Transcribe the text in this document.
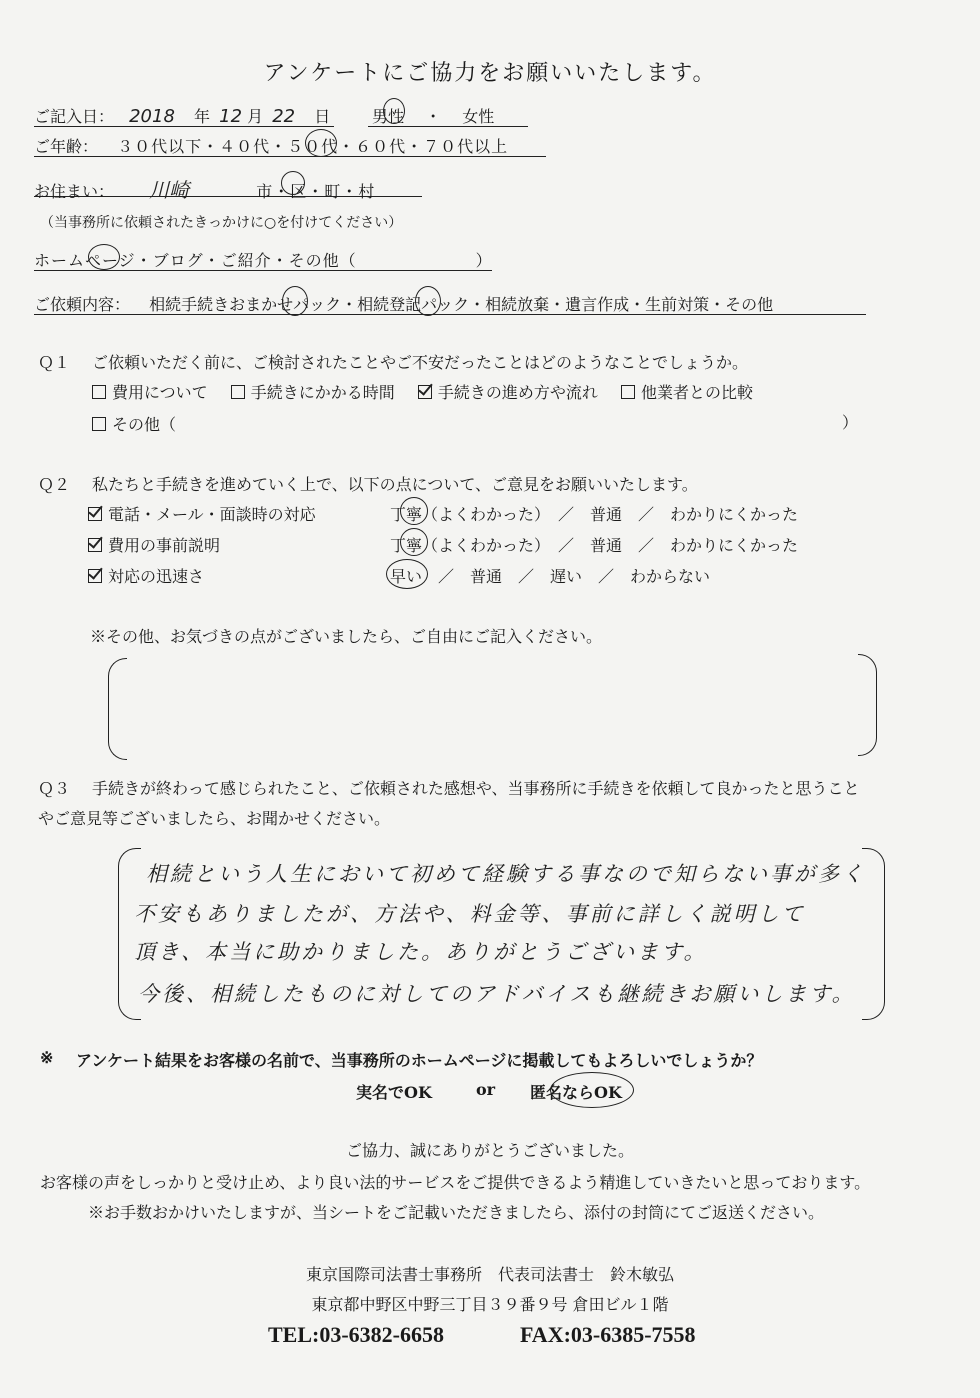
アンケートにご協力をお願いいたします。
ご記入日： 2018 年 12 月 22 日	男性 ・ 女性
ご年齢： ３０代以下・４０代・５０代・６０代・７０代以上
お住まい： 川崎	市・区・町・村
（当事務所に依頼されたきっかけに○を付けてください）
ホームページ・ブログ・ご紹介・その他（　　　　　　　）
ご依頼内容： 相続手続きおまかせパック・相続登記パック・相続放棄・遺言作成・生前対策・その他
Ｑ１ ご依頼いただく前に、ご検討されたことやご不安だったことはどのようなことでしょうか。
費用について	手続きにかかる時間	手続きの進め方や流れ	他業者との比較
その他（	）
Ｑ２ 私たちと手続きを進めていく上で、以下の点について、ご意見をお願いいたします。
電話・メール・面談時の対応	丁寧（よくわかった）　／　普通　／　わかりにくかった
費用の事前説明	丁寧（よくわかった）　／　普通　／　わかりにくかった
対応の迅速さ	早い　／　普通　／　遅い　／　わからない
※その他、お気づきの点がございましたら、ご自由にご記入ください。
Ｑ３ 手続きが終わって感じられたこと、ご依頼された感想や、当事務所に手続きを依頼して良かったと思うこと
やご意見等ございましたら、お聞かせください。
相続という人生において初めて経験する事なので知らない事が多く
不安もありましたが、方法や、料金等、事前に詳しく説明して
頂き、本当に助かりました。ありがとうございます。
今後、相続したものに対してのアドバイスも継続きお願いします。
※ アンケート結果をお客様の名前で、当事務所のホームページに掲載してもよろしいでしょうか？
実名でOK	or 匿名ならOK
ご協力、誠にありがとうございました。
お客様の声をしっかりと受け止め、より良い法的サービスをご提供できるよう精進していきたいと思っております。
※お手数おかけいたしますが、当シートをご記載いただきましたら、添付の封筒にてご返送ください。
東京国際司法書士事務所　代表司法書士　鈴木敏弘
東京都中野区中野三丁目３９番９号 倉田ビル１階
TEL:03-6382-6658	FAX:03-6385-7558
